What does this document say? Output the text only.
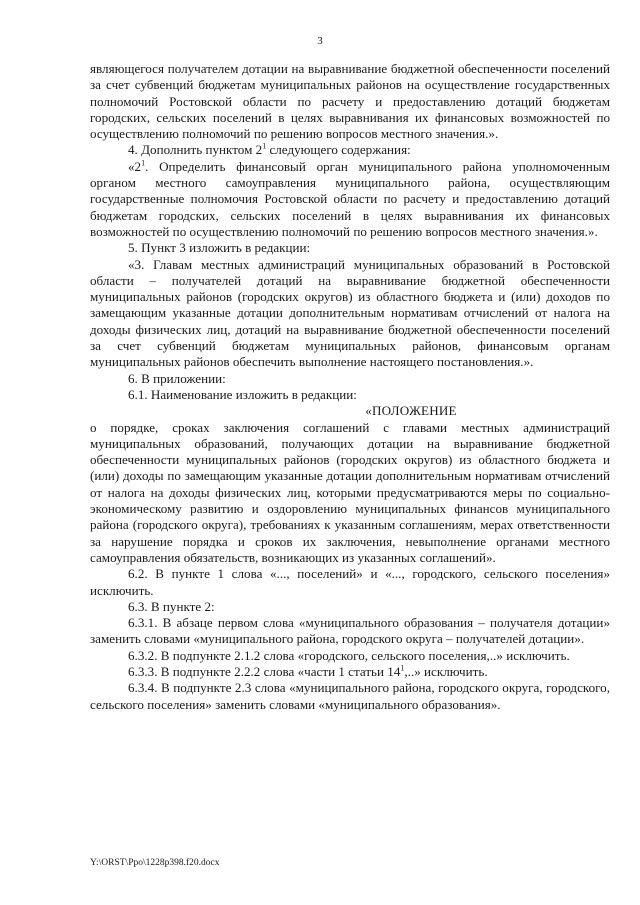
3

являющегося получателем дотации на выравнивание бюджетной обеспеченности поселений за счет субвенций бюджетам муниципальных районов на осуществление государственных полномочий Ростовской области по расчету и предоставлению дотаций бюджетам городских, сельских поселений в целях выравнивания их финансовых возможностей по осуществлению полномочий по решению вопросов местного значения.».

4. Дополнить пунктом $2^1$ следующего содержания:

«$2^1$. Определить финансовый орган муниципального района уполномоченным органом местного самоуправления муниципального района, осуществляющим государственные полномочия Ростовской области по расчету и предоставлению дотаций бюджетам городских, сельских поселений в целях выравнивания их финансовых возможностей по осуществлению полномочий по решению вопросов местного значения.».

5. Пункт 3 изложить в редакции:

«3. Главам местных администраций муниципальных образований в Ростовской области – получателей дотаций на выравнивание бюджетной обеспеченности муниципальных районов (городских округов) из областного бюджета и (или) доходов по замещающим указанные дотации дополнительным нормативам отчислений от налога на доходы физических лиц, дотаций на выравнивание бюджетной обеспеченности поселений за счет субвенций бюджетам муниципальных районов, финансовым органам муниципальных районов обеспечить выполнение настоящего постановления.».

6. В приложении:

6.1. Наименование изложить в редакции:

«ПОЛОЖЕНИЕ

о порядке, сроках заключения соглашений с главами местных администраций муниципальных образований, получающих дотации на выравнивание бюджетной обеспеченности муниципальных районов (городских округов) из областного бюджета и (или) доходы по замещающим указанные дотации дополнительным нормативам отчислений от налога на доходы физических лиц, которыми предусматриваются меры по социально-экономическому развитию и оздоровлению муниципальных финансов муниципального района (городского округа), требованиях к указанным соглашениям, мерах ответственности за нарушение порядка и сроков их заключения, невыполнение органами местного самоуправления обязательств, возникающих из указанных соглашений».

6.2. В пункте 1 слова «..., поселений» и «..., городского, сельского поселения» исключить.

6.3. В пункте 2:

6.3.1. В абзаце первом слова «муниципального образования – получателя дотации» заменить словами «муниципального района, городского округа – получателей дотации».

6.3.2. В подпункте 2.1.2 слова «городского, сельского поселения,..» исключить.

6.3.3. В подпункте 2.2.2 слова «части 1 статьи $14^1$,..» исключить.

6.3.4. В подпункте 2.3 слова «муниципального района, городского округа, городского, сельского поселения» заменить словами «муниципального образования».

Y:\ORST\Ppo\1228p398.f20.docx
